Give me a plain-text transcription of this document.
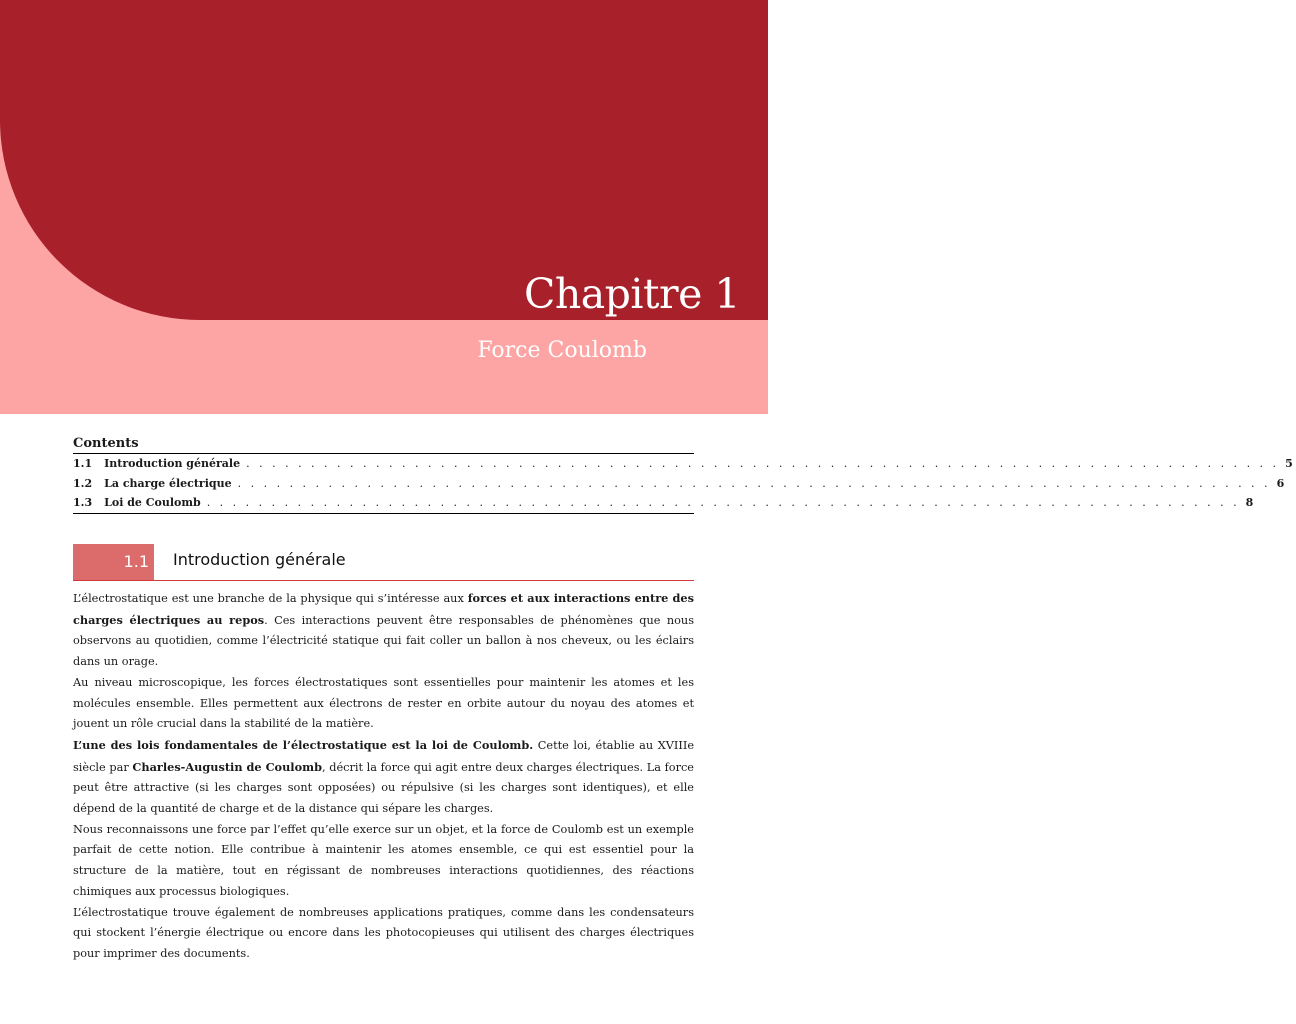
Chapitre 1
Force Coulomb
Contents
1.1	Introduction générale . . . . . . . . . . . . . . . . . . . . . . . . . . . . . . . . . . . . . . . . . . . . . . . . . . . . . . . . . . . . . . . . . . . . . . . . . . . . . . . . 5
1.2	La charge électrique . . . . . . . . . . . . . . . . . . . . . . . . . . . . . . . . . . . . . . . . . . . . . . . . . . . . . . . . . . . . . . . . . . . . . . . . . . . . . . . . 6
1.3	Loi de Coulomb . . . . . . . . . . . . . . . . . . . . . . . . . . . . . . . . . . . . . . . . . . . . . . . . . . . . . . . . . . . . . . . . . . . . . . . . . . . . . . . . 8
1.1	Introduction générale

L’électrostatique est une branche de la physique qui s’intéresse aux forces et aux interactions entre des charges électriques au repos. Ces interactions peuvent être responsables de phénomènes que nous observons au quotidien, comme l’électricité statique qui fait coller un ballon à nos cheveux, ou les éclairs dans un orage.

Au niveau microscopique, les forces électrostatiques sont essentielles pour maintenir les atomes et les molécules ensemble. Elles permettent aux électrons de rester en orbite autour du noyau des atomes et jouent un rôle crucial dans la stabilité de la matière.

L’une des lois fondamentales de l’électrostatique est la loi de Coulomb. Cette loi, établie au XVIIIe siècle par Charles-Augustin de Coulomb, décrit la force qui agit entre deux charges électriques. La force peut être attractive (si les charges sont opposées) ou répulsive (si les charges sont identiques), et elle dépend de la quantité de charge et de la distance qui sépare les charges.

Nous reconnaissons une force par l’effet qu’elle exerce sur un objet, et la force de Coulomb est un exemple parfait de cette notion. Elle contribue à maintenir les atomes ensemble, ce qui est essentiel pour la structure de la matière, tout en régissant de nombreuses interactions quotidiennes, des réactions chimiques aux processus biologiques.

L’électrostatique trouve également de nombreuses applications pratiques, comme dans les condensateurs qui stockent l’énergie électrique ou encore dans les photocopieuses qui utilisent des charges électriques pour imprimer des documents.
